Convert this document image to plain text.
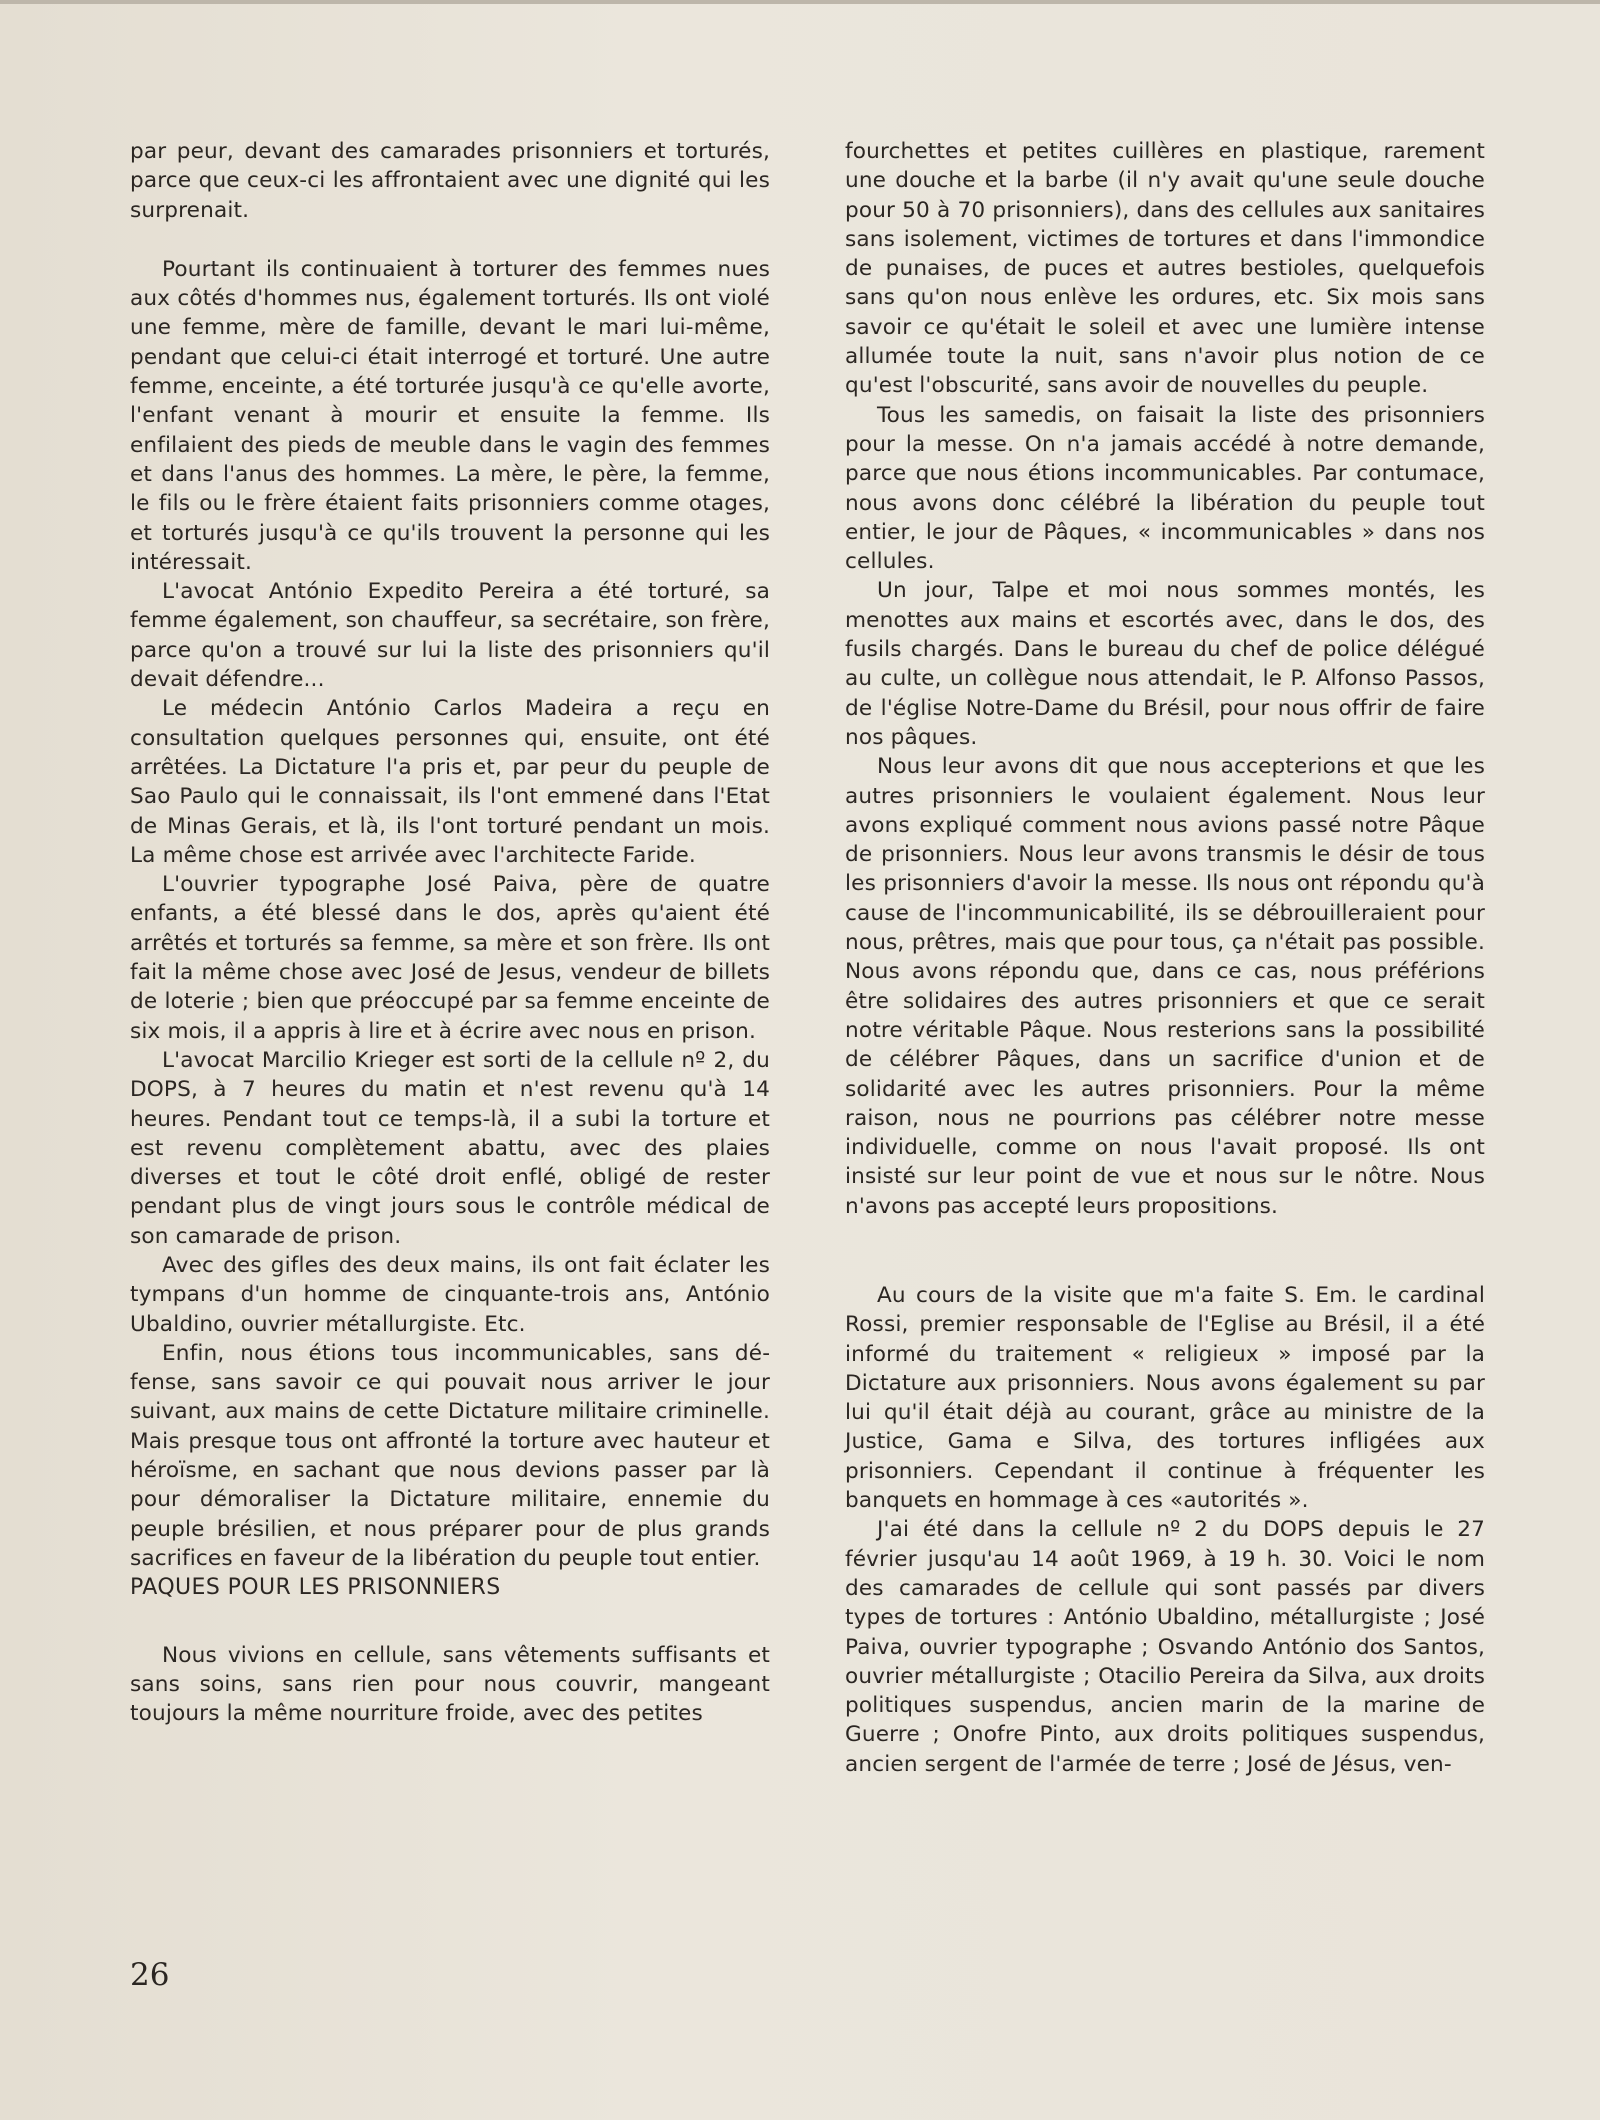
par peur, devant des camarades prisonniers et torturés, parce que ceux-ci les affrontaient avec une dignité qui les surprenait.

Pourtant ils continuaient à torturer des femmes nues aux côtés d'hommes nus, également torturés. Ils ont violé une femme, mère de famille, devant le mari lui-même, pendant que celui-ci était interrogé et torturé. Une autre femme, enceinte, a été torturée jusqu'à ce qu'elle avorte, l'enfant venant à mourir et ensuite la femme. Ils enfilaient des pieds de meuble dans le vagin des femmes et dans l'anus des hommes. La mère, le père, la femme, le fils ou le frère étaient faits prisonniers comme otages, et torturés jusqu'à ce qu'ils trouvent la personne qui les intéressait.

L'avocat António Expedito Pereira a été torturé, sa femme également, son chauffeur, sa secrétaire, son frère, parce qu'on a trouvé sur lui la liste des prisonniers qu'il devait défendre...

Le médecin António Carlos Madeira a reçu en consultation quelques personnes qui, ensuite, ont été arrêtées. La Dictature l'a pris et, par peur du peuple de Sao Paulo qui le connaissait, ils l'ont emmené dans l'Etat de Minas Gerais, et là, ils l'ont torturé pendant un mois. La même chose est arrivée avec l'architecte Faride.

L'ouvrier typographe José Paiva, père de quatre enfants, a été blessé dans le dos, après qu'aient été arrêtés et torturés sa femme, sa mère et son frère. Ils ont fait la même chose avec José de Jesus, vendeur de billets de loterie ; bien que préoccupé par sa femme enceinte de six mois, il a appris à lire et à écrire avec nous en prison.

L'avocat Marcilio Krieger est sorti de la cellule nº 2, du DOPS, à 7 heures du matin et n'est revenu qu'à 14 heures. Pendant tout ce temps-là, il a subi la torture et est revenu complètement abattu, avec des plaies diverses et tout le côté droit enflé, obligé de rester pendant plus de vingt jours sous le contrôle médical de son camarade de prison.

Avec des gifles des deux mains, ils ont fait éclater les tympans d'un homme de cinquante-trois ans, António Ubaldino, ouvrier métallurgiste. Etc.

Enfin, nous étions tous incommunicables, sans défense, sans savoir ce qui pouvait nous arriver le jour suivant, aux mains de cette Dictature militaire criminelle. Mais presque tous ont affronté la torture avec hauteur et héroïsme, en sachant que nous devions passer par là pour démoraliser la Dictature militaire, ennemie du peuple brésilien, et nous préparer pour de plus grands sacrifices en faveur de la libération du peuple tout entier.

PAQUES POUR LES PRISONNIERS

Nous vivions en cellule, sans vêtements suffisants et sans soins, sans rien pour nous couvrir, mangeant toujours la même nourriture froide, avec des petites

fourchettes et petites cuillères en plastique, rarement une douche et la barbe (il n'y avait qu'une seule douche pour 50 à 70 prisonniers), dans des cellules aux sanitaires sans isolement, victimes de tortures et dans l'immondice de punaises, de puces et autres bestioles, quelquefois sans qu'on nous enlève les ordures, etc. Six mois sans savoir ce qu'était le soleil et avec une lumière intense allumée toute la nuit, sans n'avoir plus notion de ce qu'est l'obscurité, sans avoir de nouvelles du peuple.

Tous les samedis, on faisait la liste des prisonniers pour la messe. On n'a jamais accédé à notre demande, parce que nous étions incommunicables. Par contumace, nous avons donc célébré la libération du peuple tout entier, le jour de Pâques, « incommunicables » dans nos cellules.

Un jour, Talpe et moi nous sommes montés, les menottes aux mains et escortés avec, dans le dos, des fusils chargés. Dans le bureau du chef de police délégué au culte, un collègue nous attendait, le P. Alfonso Passos, de l'église Notre-Dame du Brésil, pour nous offrir de faire nos pâques.

Nous leur avons dit que nous accepterions et que les autres prisonniers le voulaient également. Nous leur avons expliqué comment nous avions passé notre Pâque de prisonniers. Nous leur avons transmis le désir de tous les prisonniers d'avoir la messe. Ils nous ont répondu qu'à cause de l'incommunicabilité, ils se débrouilleraient pour nous, prêtres, mais que pour tous, ça n'était pas possible. Nous avons répondu que, dans ce cas, nous préférions être solidaires des autres prisonniers et que ce serait notre véritable Pâque. Nous resterions sans la possibilité de célébrer Pâques, dans un sacrifice d'union et de solidarité avec les autres prisonniers. Pour la même raison, nous ne pourrions pas célébrer notre messe individuelle, comme on nous l'avait proposé. Ils ont insisté sur leur point de vue et nous sur le nôtre. Nous n'avons pas accepté leurs propositions.

Au cours de la visite que m'a faite S. Em. le cardinal Rossi, premier responsable de l'Eglise au Brésil, il a été informé du traitement « religieux » imposé par la Dictature aux prisonniers. Nous avons également su par lui qu'il était déjà au courant, grâce au ministre de la Justice, Gama e Silva, des tortures infligées aux prisonniers. Cependant il continue à fréquenter les banquets en hommage à ces «autorités ».

J'ai été dans la cellule nº 2 du DOPS depuis le 27 février jusqu'au 14 août 1969, à 19 h. 30. Voici le nom des camarades de cellule qui sont passés par divers types de tortures : António Ubaldino, métallurgiste ; José Paiva, ouvrier typographe ; Osvando António dos Santos, ouvrier métallurgiste ; Otacilio Pereira da Silva, aux droits politiques suspendus, ancien marin de la marine de Guerre ; Onofre Pinto, aux droits politiques suspendus, ancien sergent de l'armée de terre ; José de Jésus, ven-

26
